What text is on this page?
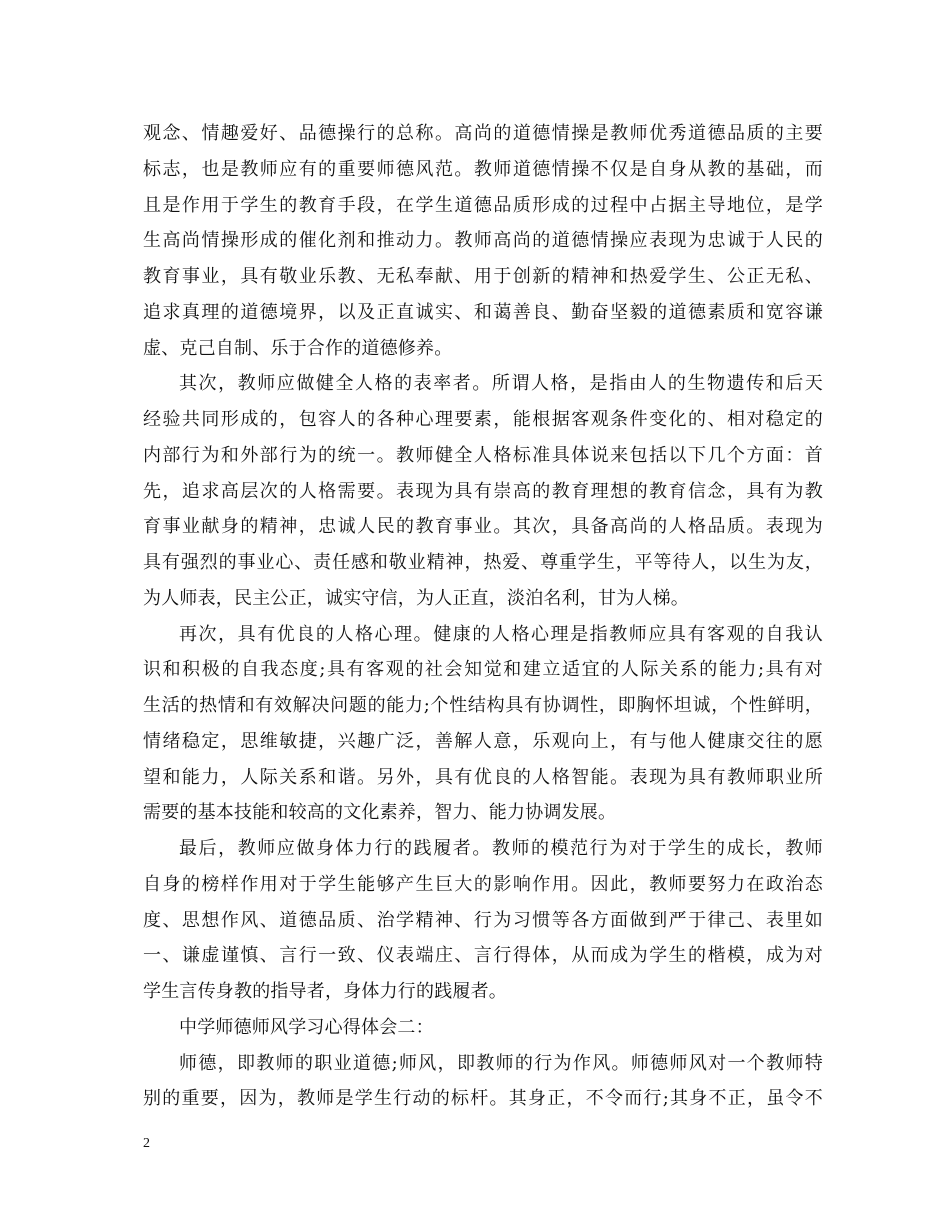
观念、情趣爱好、品德操行的总称。高尚的道德情操是教师优秀道德品质的主要
标志，也是教师应有的重要师德风范。教师道德情操不仅是自身从教的基础，而
且是作用于学生的教育手段，在学生道德品质形成的过程中占据主导地位，是学
生高尚情操形成的催化剂和推动力。教师高尚的道德情操应表现为忠诚于人民的
教育事业，具有敬业乐教、无私奉献、用于创新的精神和热爱学生、公正无私、
追求真理的道德境界，以及正直诚实、和蔼善良、勤奋坚毅的道德素质和宽容谦
虚、克己自制、乐于合作的道德修养。
其次，教师应做健全人格的表率者。所谓人格，是指由人的生物遗传和后天
经验共同形成的，包容人的各种心理要素，能根据客观条件变化的、相对稳定的
内部行为和外部行为的统一。教师健全人格标准具体说来包括以下几个方面：首
先，追求高层次的人格需要。表现为具有崇高的教育理想的教育信念，具有为教
育事业献身的精神，忠诚人民的教育事业。其次，具备高尚的人格品质。表现为
具有强烈的事业心、责任感和敬业精神，热爱、尊重学生，平等待人，以生为友，
为人师表，民主公正，诚实守信，为人正直，淡泊名利，甘为人梯。
再次，具有优良的人格心理。健康的人格心理是指教师应具有客观的自我认
识和积极的自我态度;具有客观的社会知觉和建立适宜的人际关系的能力;具有对
生活的热情和有效解决问题的能力;个性结构具有协调性，即胸怀坦诚，个性鲜明，
情绪稳定，思维敏捷，兴趣广泛，善解人意，乐观向上，有与他人健康交往的愿
望和能力，人际关系和谐。另外，具有优良的人格智能。表现为具有教师职业所
需要的基本技能和较高的文化素养，智力、能力协调发展。
最后，教师应做身体力行的践履者。教师的模范行为对于学生的成长，教师
自身的榜样作用对于学生能够产生巨大的影响作用。因此，教师要努力在政治态
度、思想作风、道德品质、治学精神、行为习惯等各方面做到严于律己、表里如
一、谦虚谨慎、言行一致、仪表端庄、言行得体，从而成为学生的楷模，成为对
学生言传身教的指导者，身体力行的践履者。
中学师德师风学习心得体会二：
师德，即教师的职业道德;师风，即教师的行为作风。师德师风对一个教师特
别的重要，因为，教师是学生行动的标杆。其身正，不令而行;其身不正，虽令不
2
